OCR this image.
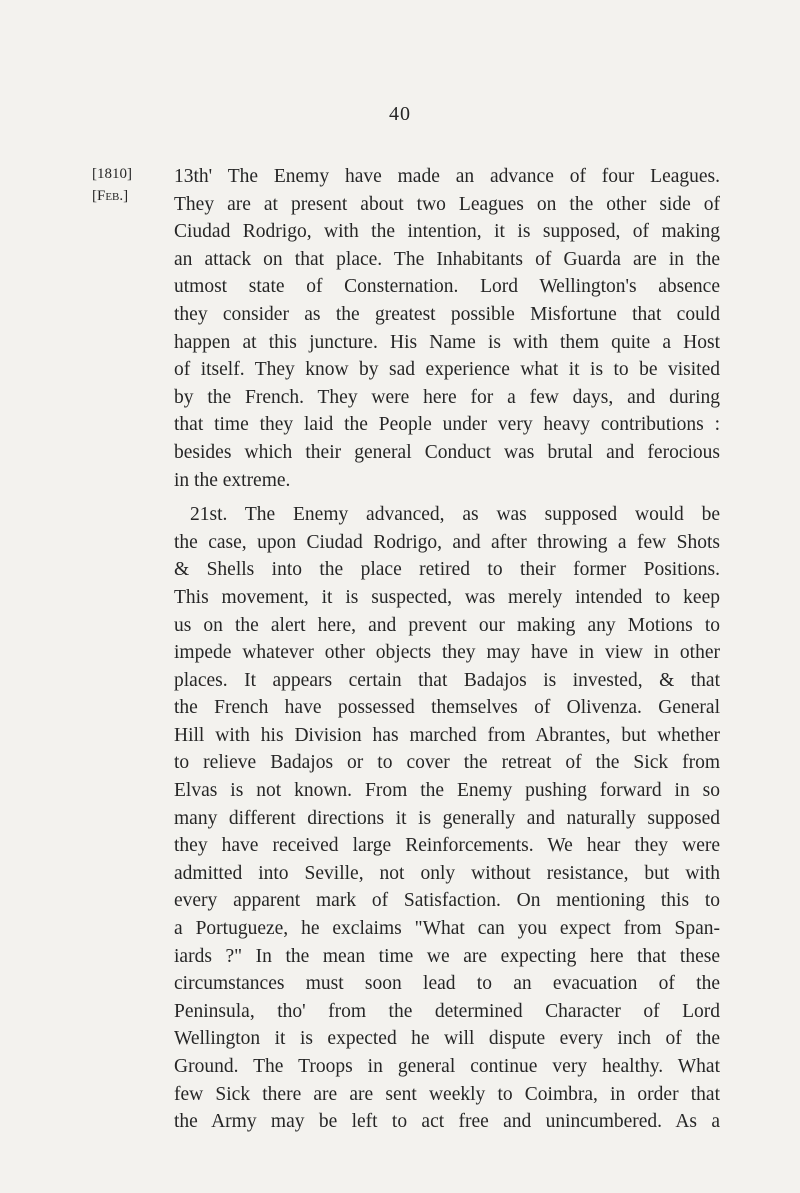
40
[1810]
[Feb.]

13th' The Enemy have made an advance of four Leagues.
They are at present about two Leagues on the other side of
Ciudad Rodrigo, with the intention, it is supposed, of making
an attack on that place. The Inhabitants of Guarda are in the
utmost state of Consternation. Lord Wellington's absence
they consider as the greatest possible Misfortune that could
happen at this juncture. His Name is with them quite a Host
of itself. They know by sad experience what it is to be visited
by the French. They were here for a few days, and during
that time they laid the People under very heavy contributions :
besides which their general Conduct was brutal and ferocious
in the extreme.

21st. The Enemy advanced, as was supposed would be
the case, upon Ciudad Rodrigo, and after throwing a few Shots
& Shells into the place retired to their former Positions.
This movement, it is suspected, was merely intended to keep
us on the alert here, and prevent our making any Motions to
impede whatever other objects they may have in view in other
places. It appears certain that Badajos is invested, & that
the French have possessed themselves of Olivenza. General
Hill with his Division has marched from Abrantes, but whether
to relieve Badajos or to cover the retreat of the Sick from
Elvas is not known. From the Enemy pushing forward in so
many different directions it is generally and naturally supposed
they have received large Reinforcements. We hear they were
admitted into Seville, not only without resistance, but with
every apparent mark of Satisfaction. On mentioning this to
a Portugueze, he exclaims "What can you expect from Span-
iards ?" In the mean time we are expecting here that these
circumstances must soon lead to an evacuation of the
Peninsula, tho' from the determined Character of Lord
Wellington it is expected he will dispute every inch of the
Ground. The Troops in general continue very healthy. What
few Sick there are are sent weekly to Coimbra, in order that
the Army may be left to act free and unincumbered. As a
